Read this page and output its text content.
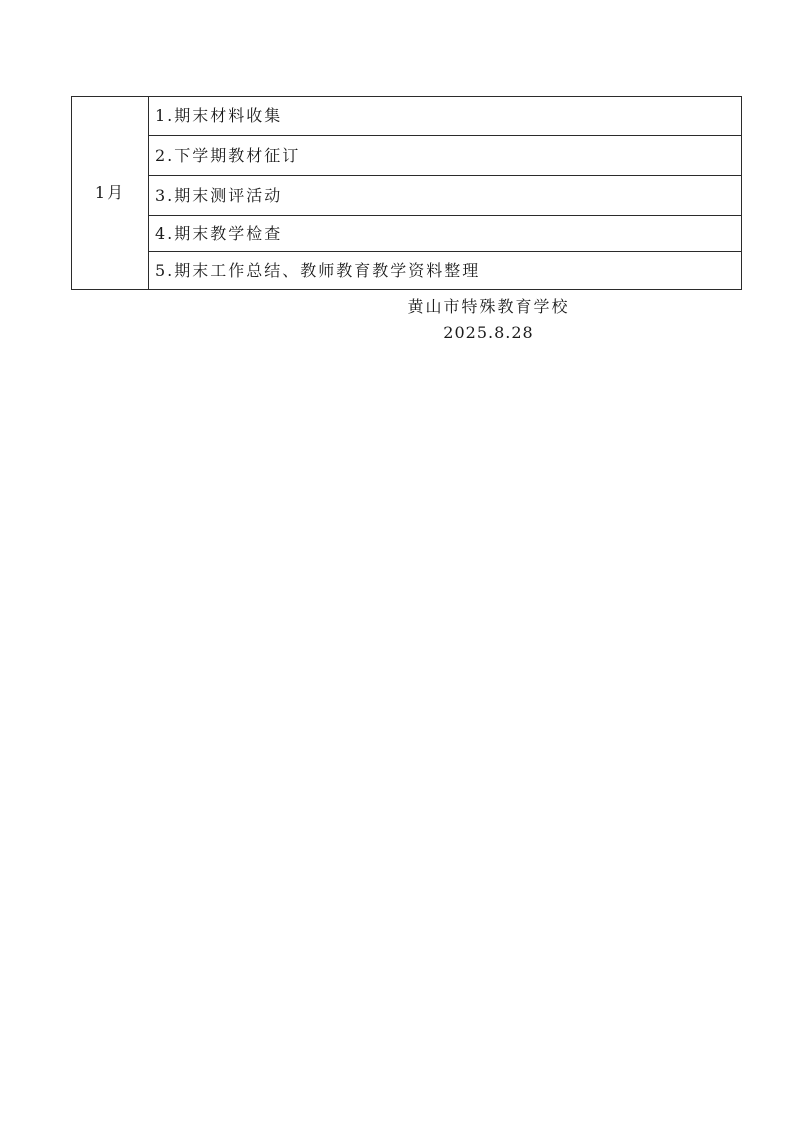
1月	1.期末材料收集
2.下学期教材征订
3.期末测评活动
4.期末教学检查
5.期末工作总结、教师教育教学资料整理
黄山市特殊教育学校
2025.8.28
